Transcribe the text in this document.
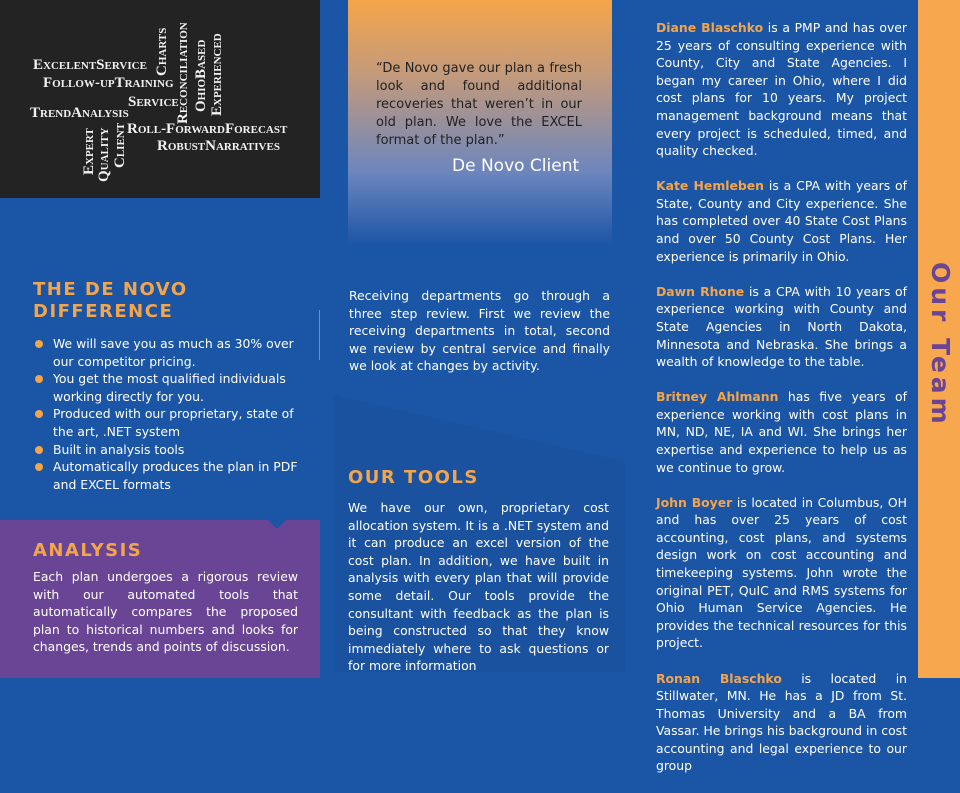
ExcelentService
Follow-upTraining
TrendAnalysis
Service
Roll-ForwardForecast
RobustNarratives
Charts Reconciliation OhioBased Experienced
Expert Quality Client
THE DE NOVO DIFFERENCE
We will save you as much as 30% over our competitor pricing.
You get the most qualified individuals working directly for you.
Produced with our proprietary, state of the art, .NET system
Built in analysis tools
Automatically produces the plan in PDF and EXCEL formats
ANALYSIS

Each plan undergoes a rigorous review with our automated tools that automatically compares the proposed plan to historical numbers and looks for changes, trends and points of discussion.

“De Novo gave our plan a fresh look and found additional recoveries that weren’t in our old plan. We love the EXCEL format of the plan.”

De Novo Client

Receiving departments go through a three step review. First we review the receiving departments in total, second we review by central service and finally we look at changes by activity.

OUR TOOLS

We have our own, proprietary cost allocation system. It is a .NET system and it can produce an excel version of the cost plan. In addition, we have built in analysis with every plan that will provide some detail. Our tools provide the consultant with feedback as the plan is being constructed so that they know immediately where to ask questions or for more information

Diane Blaschko is a PMP and has over 25 years of consulting experience with County, City and State Agencies. I began my career in Ohio, where I did cost plans for 10 years. My project management background means that every project is scheduled, timed, and quality checked.

Kate Hemleben is a CPA with years of State, County and City experience. She has completed over 40 State Cost Plans and over 50 County Cost Plans. Her experience is primarily in Ohio.

Dawn Rhone is a CPA with 10 years of experience working with County and State Agencies in North Dakota, Minnesota and Nebraska. She brings a wealth of knowledge to the table.

Britney Ahlmann has five years of experience working with cost plans in MN, ND, NE, IA and WI. She brings her expertise and experience to help us as we continue to grow.

John Boyer is located in Columbus, OH and has over 25 years of cost accounting, cost plans, and systems design work on cost accounting and timekeeping systems. John wrote the original PET, QuIC and RMS systems for Ohio Human Service Agencies. He provides the technical resources for this project.

Ronan Blaschko is located in Stillwater, MN. He has a JD from St. Thomas University and a BA from Vassar. He brings his background in cost accounting and legal experience to our group

Our Team
